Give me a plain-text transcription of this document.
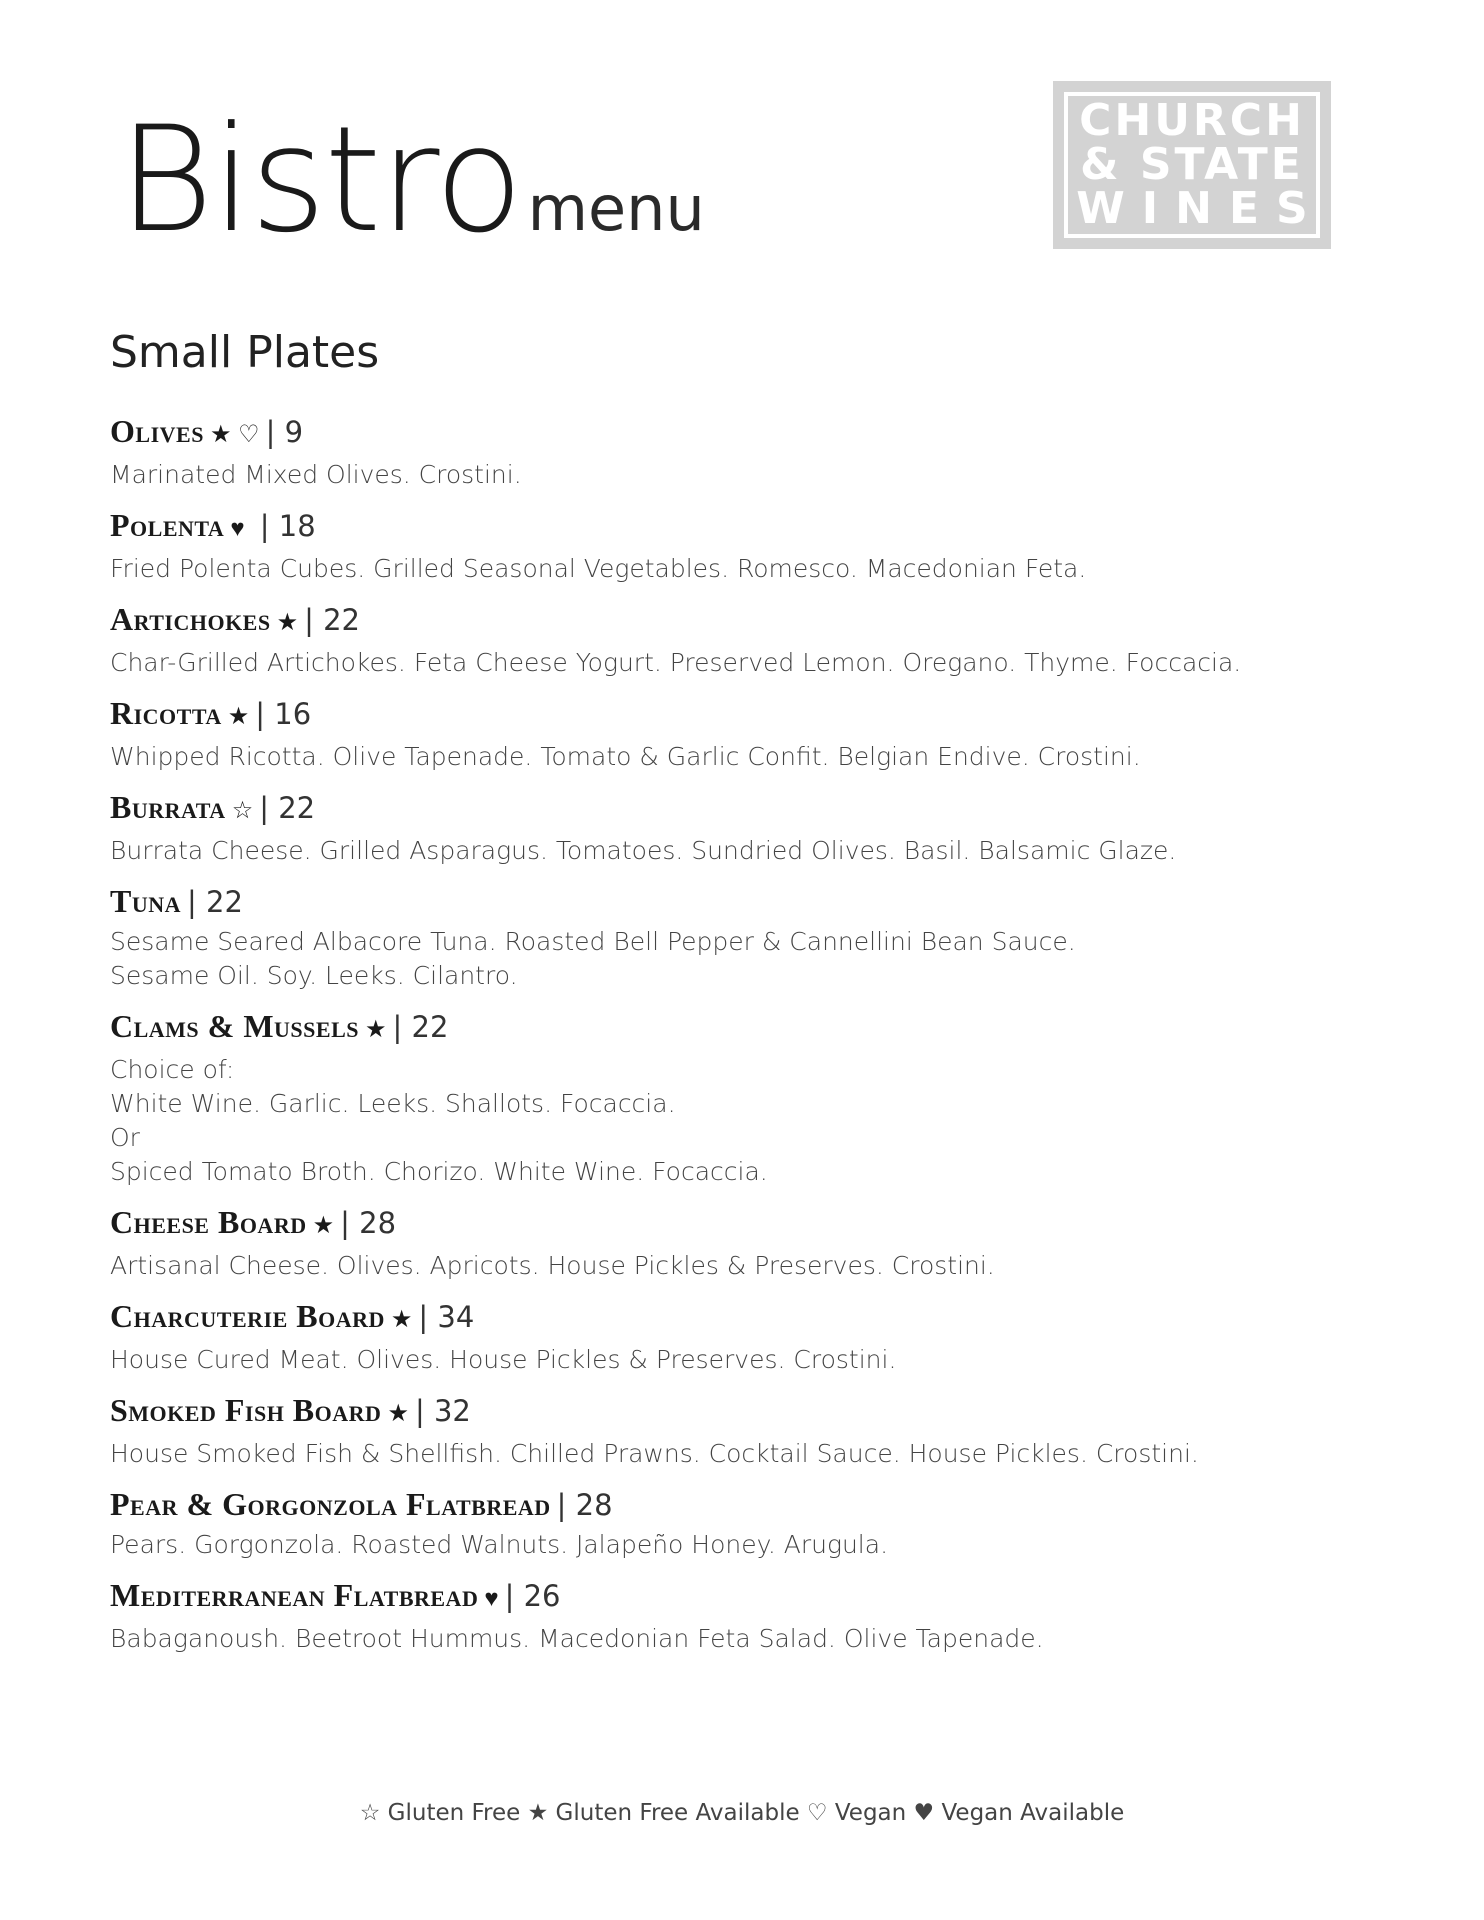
Bistromenu
CHURCH
& STATE
WINES
Small Plates
Olives ★ ♡ | 9
Marinated Mixed Olives. Crostini.
Polenta ♥ | 18
Fried Polenta Cubes. Grilled Seasonal Vegetables. Romesco. Macedonian Feta.
Artichokes ★ | 22
Char-Grilled Artichokes. Feta Cheese Yogurt. Preserved Lemon. Oregano. Thyme. Foccacia.
Ricotta ★ | 16
Whipped Ricotta. Olive Tapenade. Tomato & Garlic Confit. Belgian Endive. Crostini.
Burrata ☆ | 22
Burrata Cheese. Grilled Asparagus. Tomatoes. Sundried Olives. Basil. Balsamic Glaze.
Tuna | 22
Sesame Seared Albacore Tuna. Roasted Bell Pepper & Cannellini Bean Sauce.
Sesame Oil. Soy. Leeks. Cilantro.
Clams & Mussels ★ | 22
Choice of:
White Wine. Garlic. Leeks. Shallots. Focaccia.
Or
Spiced Tomato Broth. Chorizo. White Wine. Focaccia.
Cheese Board ★ | 28
Artisanal Cheese. Olives. Apricots. House Pickles & Preserves. Crostini.
Charcuterie Board ★ | 34
House Cured Meat. Olives. House Pickles & Preserves. Crostini.
Smoked Fish Board ★ | 32
House Smoked Fish & Shellfish. Chilled Prawns. Cocktail Sauce. House Pickles. Crostini.
Pear & Gorgonzola Flatbread | 28
Pears. Gorgonzola. Roasted Walnuts. Jalapeño Honey. Arugula.
Mediterranean Flatbread ♥ | 26
Babaganoush. Beetroot Hummus. Macedonian Feta Salad. Olive Tapenade.
☆ Gluten Free ★ Gluten Free Available ♡ Vegan ♥ Vegan Available
